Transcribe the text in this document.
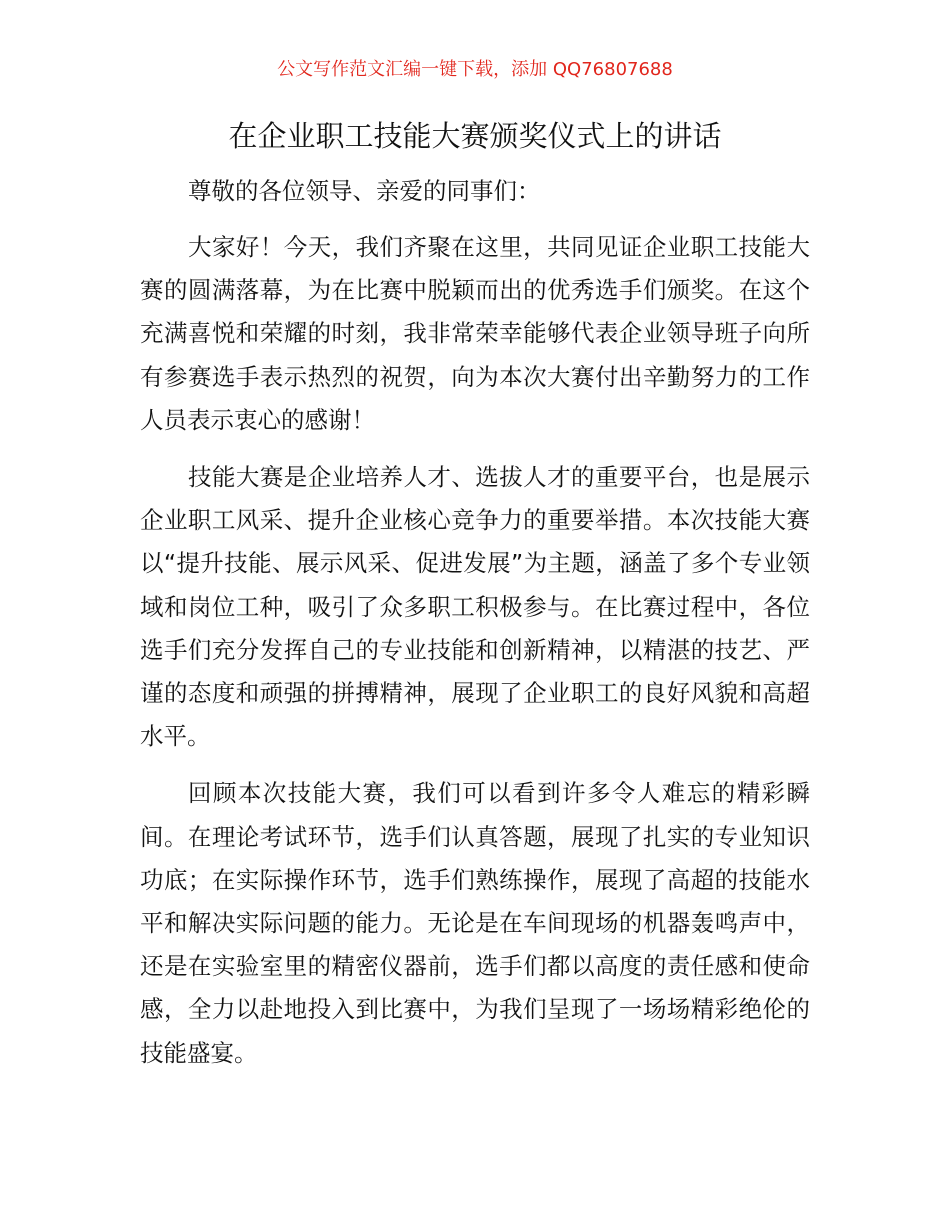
公文写作范文汇编一键下载，添加 QQ76807688
在企业职工技能大赛颁奖仪式上的讲话

尊敬的各位领导、亲爱的同事们：

大家好！今天，我们齐聚在这里，共同见证企业职工技能大赛的圆满落幕，为在比赛中脱颖而出的优秀选手们颁奖。在这个充满喜悦和荣耀的时刻，我非常荣幸能够代表企业领导班子向所有参赛选手表示热烈的祝贺，向为本次大赛付出辛勤努力的工作人员表示衷心的感谢！

技能大赛是企业培养人才、选拔人才的重要平台，也是展示企业职工风采、提升企业核心竞争力的重要举措。本次技能大赛以“提升技能、展示风采、促进发展”为主题，涵盖了多个专业领域和岗位工种，吸引了众多职工积极参与。在比赛过程中，各位选手们充分发挥自己的专业技能和创新精神，以精湛的技艺、严谨的态度和顽强的拼搏精神，展现了企业职工的良好风貌和高超水平。

回顾本次技能大赛，我们可以看到许多令人难忘的精彩瞬间。在理论考试环节，选手们认真答题，展现了扎实的专业知识功底；在实际操作环节，选手们熟练操作，展现了高超的技能水平和解决实际问题的能力。无论是在车间现场的机器轰鸣声中，还是在实验室里的精密仪器前，选手们都以高度的责任感和使命感，全力以赴地投入到比赛中，为我们呈现了一场场精彩绝伦的技能盛宴。
